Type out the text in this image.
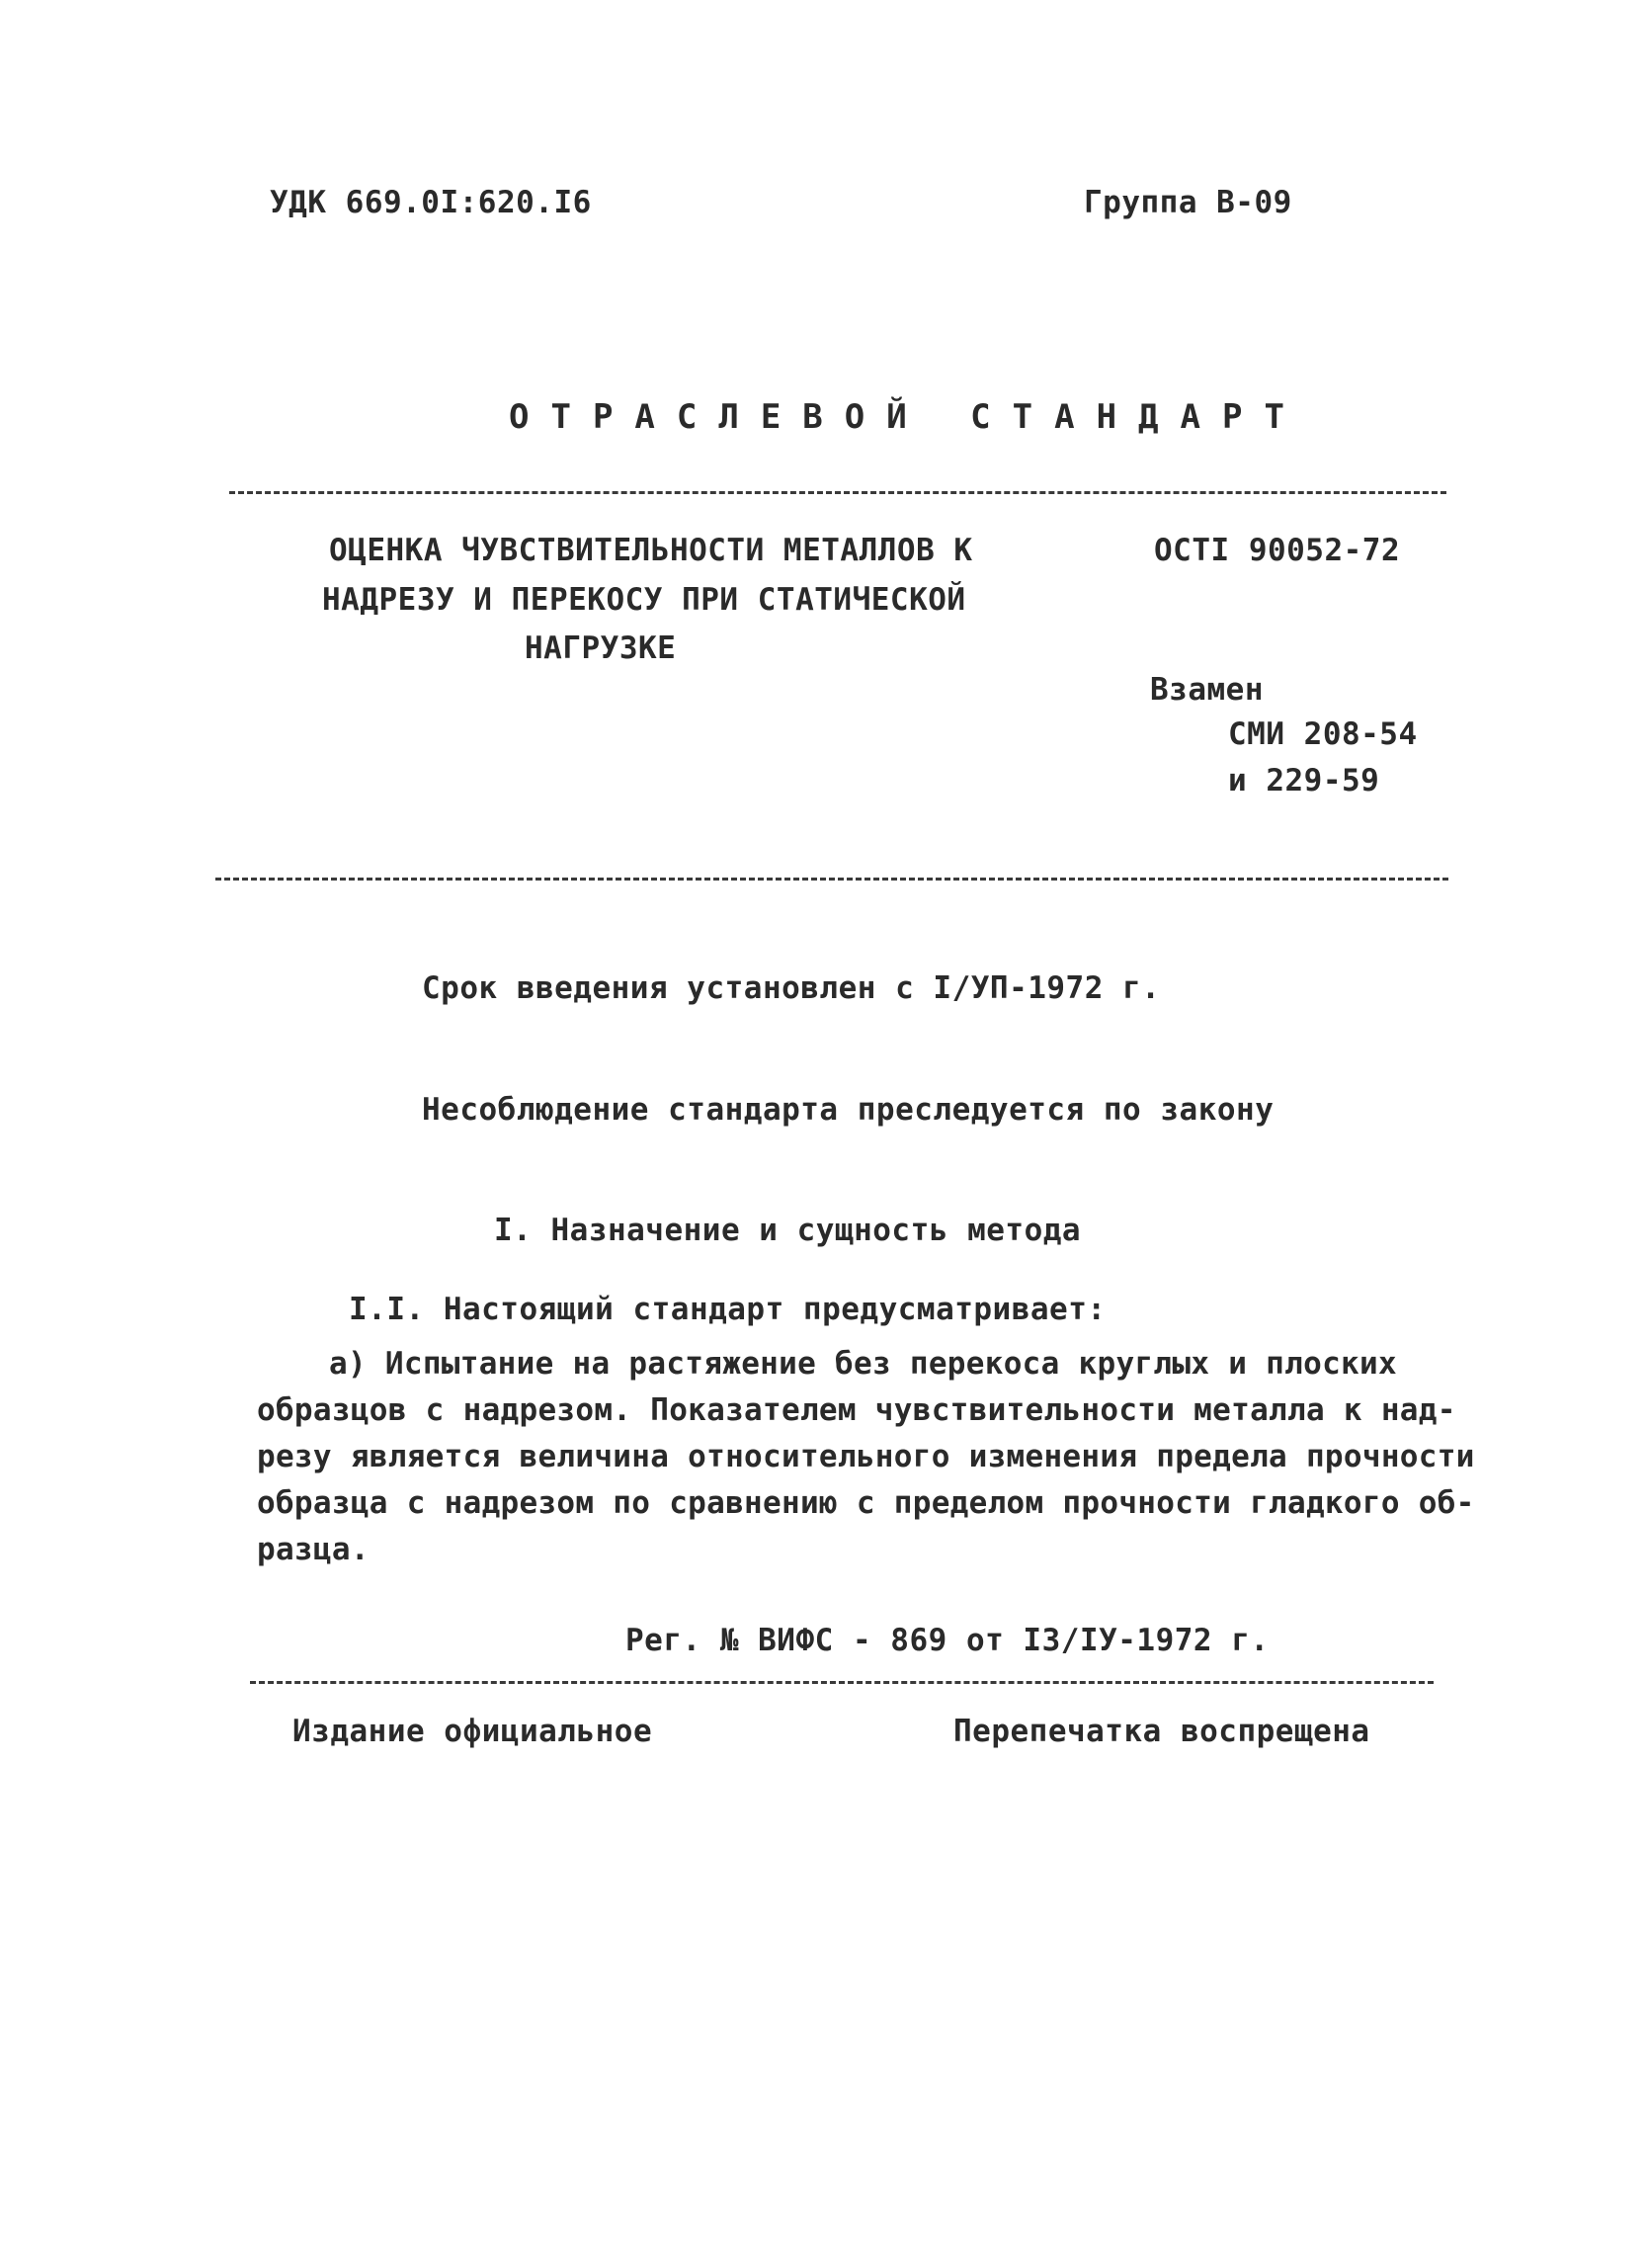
УДК 669.0I:620.I6	Группа В-09
ОТРАСЛЕВОЙ СТАНДАРТ
ОЦЕНКА ЧУВСТВИТЕЛЬНОСТИ МЕТАЛЛОВ К
НАДРЕЗУ И ПЕРЕКОСУ ПРИ СТАТИЧЕСКОЙ
НАГРУЗКЕ
ОСТI 90052-72
Взамен
СМИ 208-54
и 229-59
Срок введения установлен с I/УП-1972 г.
Несоблюдение стандарта преследуется по закону
I. Назначение и сущность метода
I.I. Настоящий стандарт предусматривает:
а) Испытание на растяжение без перекоса круглых и плоских
образцов с надрезом. Показателем чувствительности металла к над-
резу является величина относительного изменения предела прочности
образца с надрезом по сравнению с пределом прочности гладкого об-
разца.
Рег. № ВИФС - 869 от I3/IУ-1972 г.
Издание официальное	Перепечатка воспрещена
